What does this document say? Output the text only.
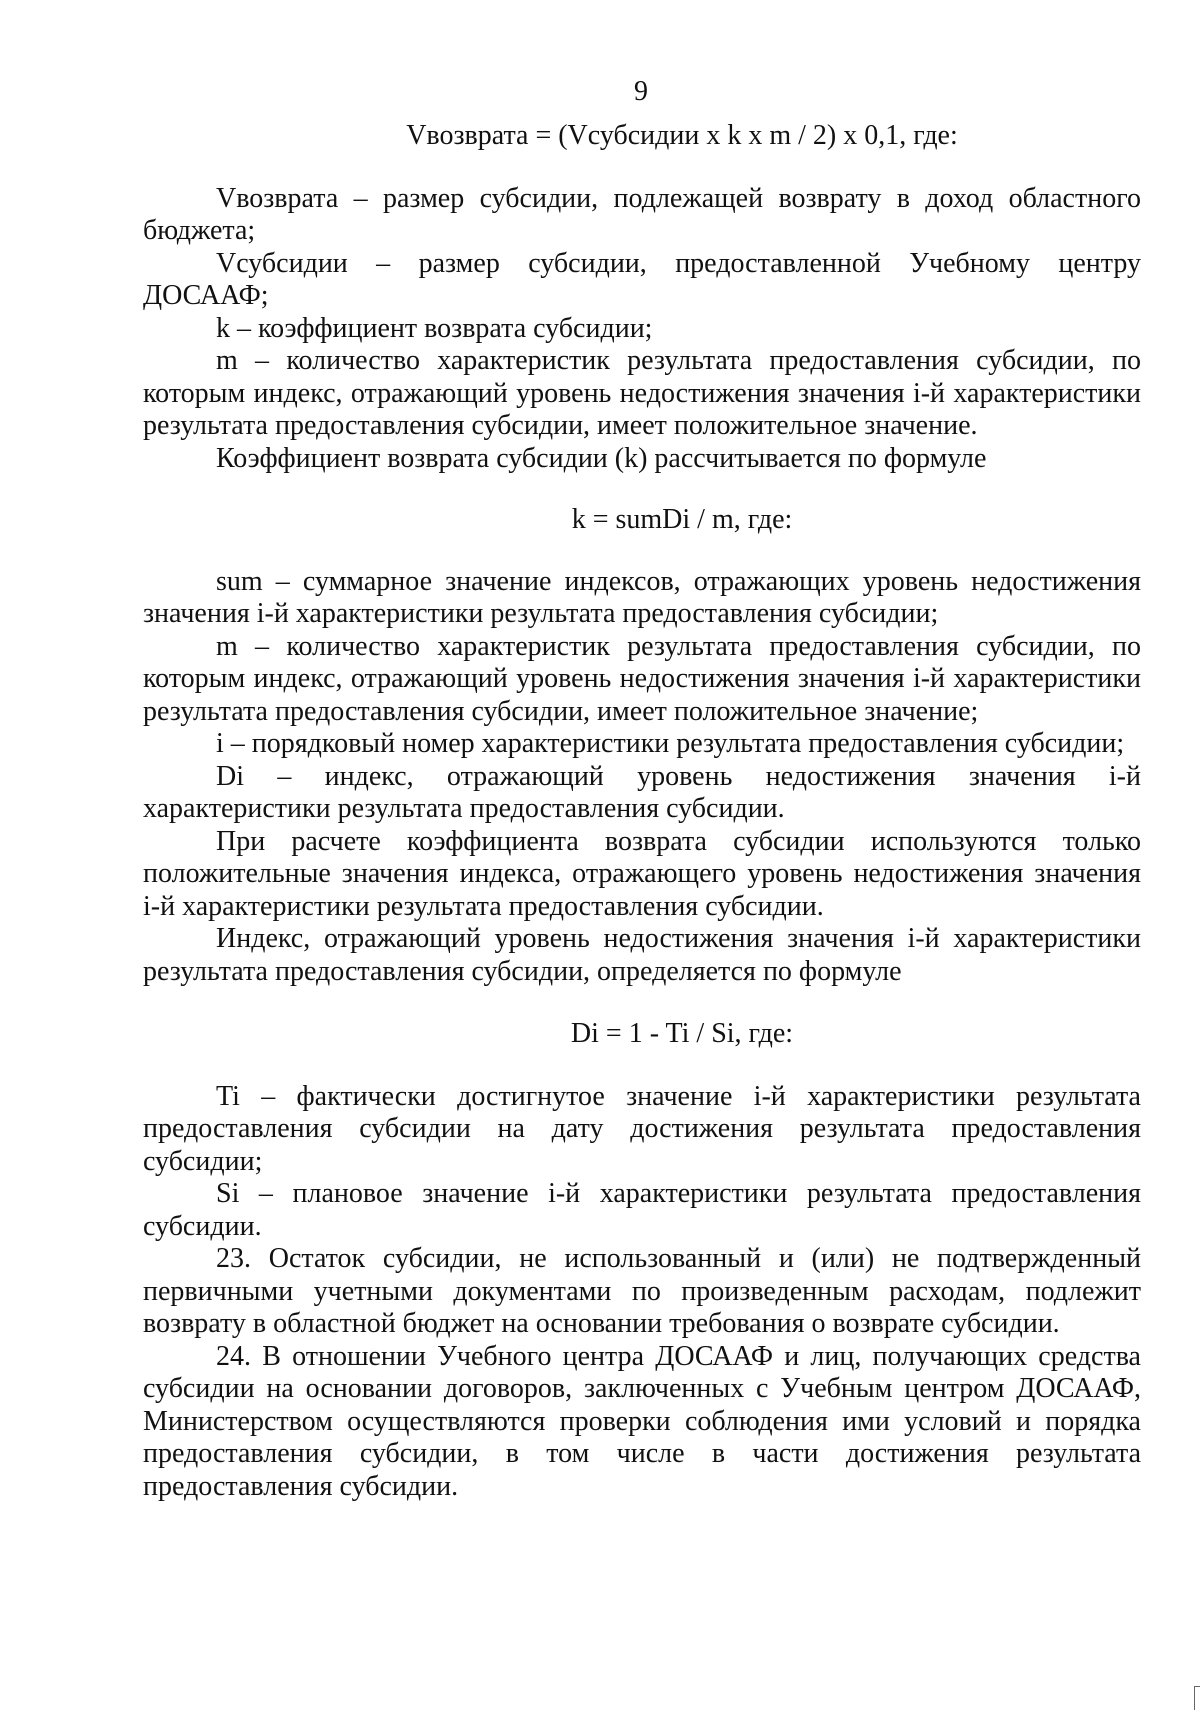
9

Vвозврата = (Vсубсидии x k x m / 2) x 0,1, где:

Vвозврата – размер субсидии, подлежащей возврату в доход областного бюджета;

Vсубсидии – размер субсидии, предоставленной Учебному центру ДОСААФ;

k – коэффициент возврата субсидии;

m – количество характеристик результата предоставления субсидии, по которым индекс, отражающий уровень недостижения значения i-й характеристики результата предоставления субсидии, имеет положительное значение.

Коэффициент возврата субсидии (k) рассчитывается по формуле

k = sumDi / m, где:

sum – суммарное значение индексов, отражающих уровень недостижения значения i-й характеристики результата предоставления субсидии;

m – количество характеристик результата предоставления субсидии, по которым индекс, отражающий уровень недостижения значения i-й характеристики результата предоставления субсидии, имеет положительное значение;

i – порядковый номер характеристики результата предоставления субсидии;

Di – индекс, отражающий уровень недостижения значения i-й характеристики результата предоставления субсидии.

При расчете коэффициента возврата субсидии используются только положительные значения индекса, отражающего уровень недостижения значения i-й характеристики результата предоставления субсидии.

Индекс, отражающий уровень недостижения значения i-й характеристики результата предоставления субсидии, определяется по формуле

Di = 1 - Ti / Si, где:

Ti – фактически достигнутое значение i-й характеристики результата предоставления субсидии на дату достижения результата предоставления субсидии;

Si – плановое значение i-й характеристики результата предоставления субсидии.

23. Остаток субсидии, не использованный и (или) не подтвержденный первичными учетными документами по произведенным расходам, подлежит возврату в областной бюджет на основании требования о возврате субсидии.

24. В отношении Учебного центра ДОСААФ и лиц, получающих средства субсидии на основании договоров, заключенных с Учебным центром ДОСААФ, Министерством осуществляются проверки соблюдения ими условий и порядка предоставления субсидии, в том числе в части достижения результата предоставления субсидии.
